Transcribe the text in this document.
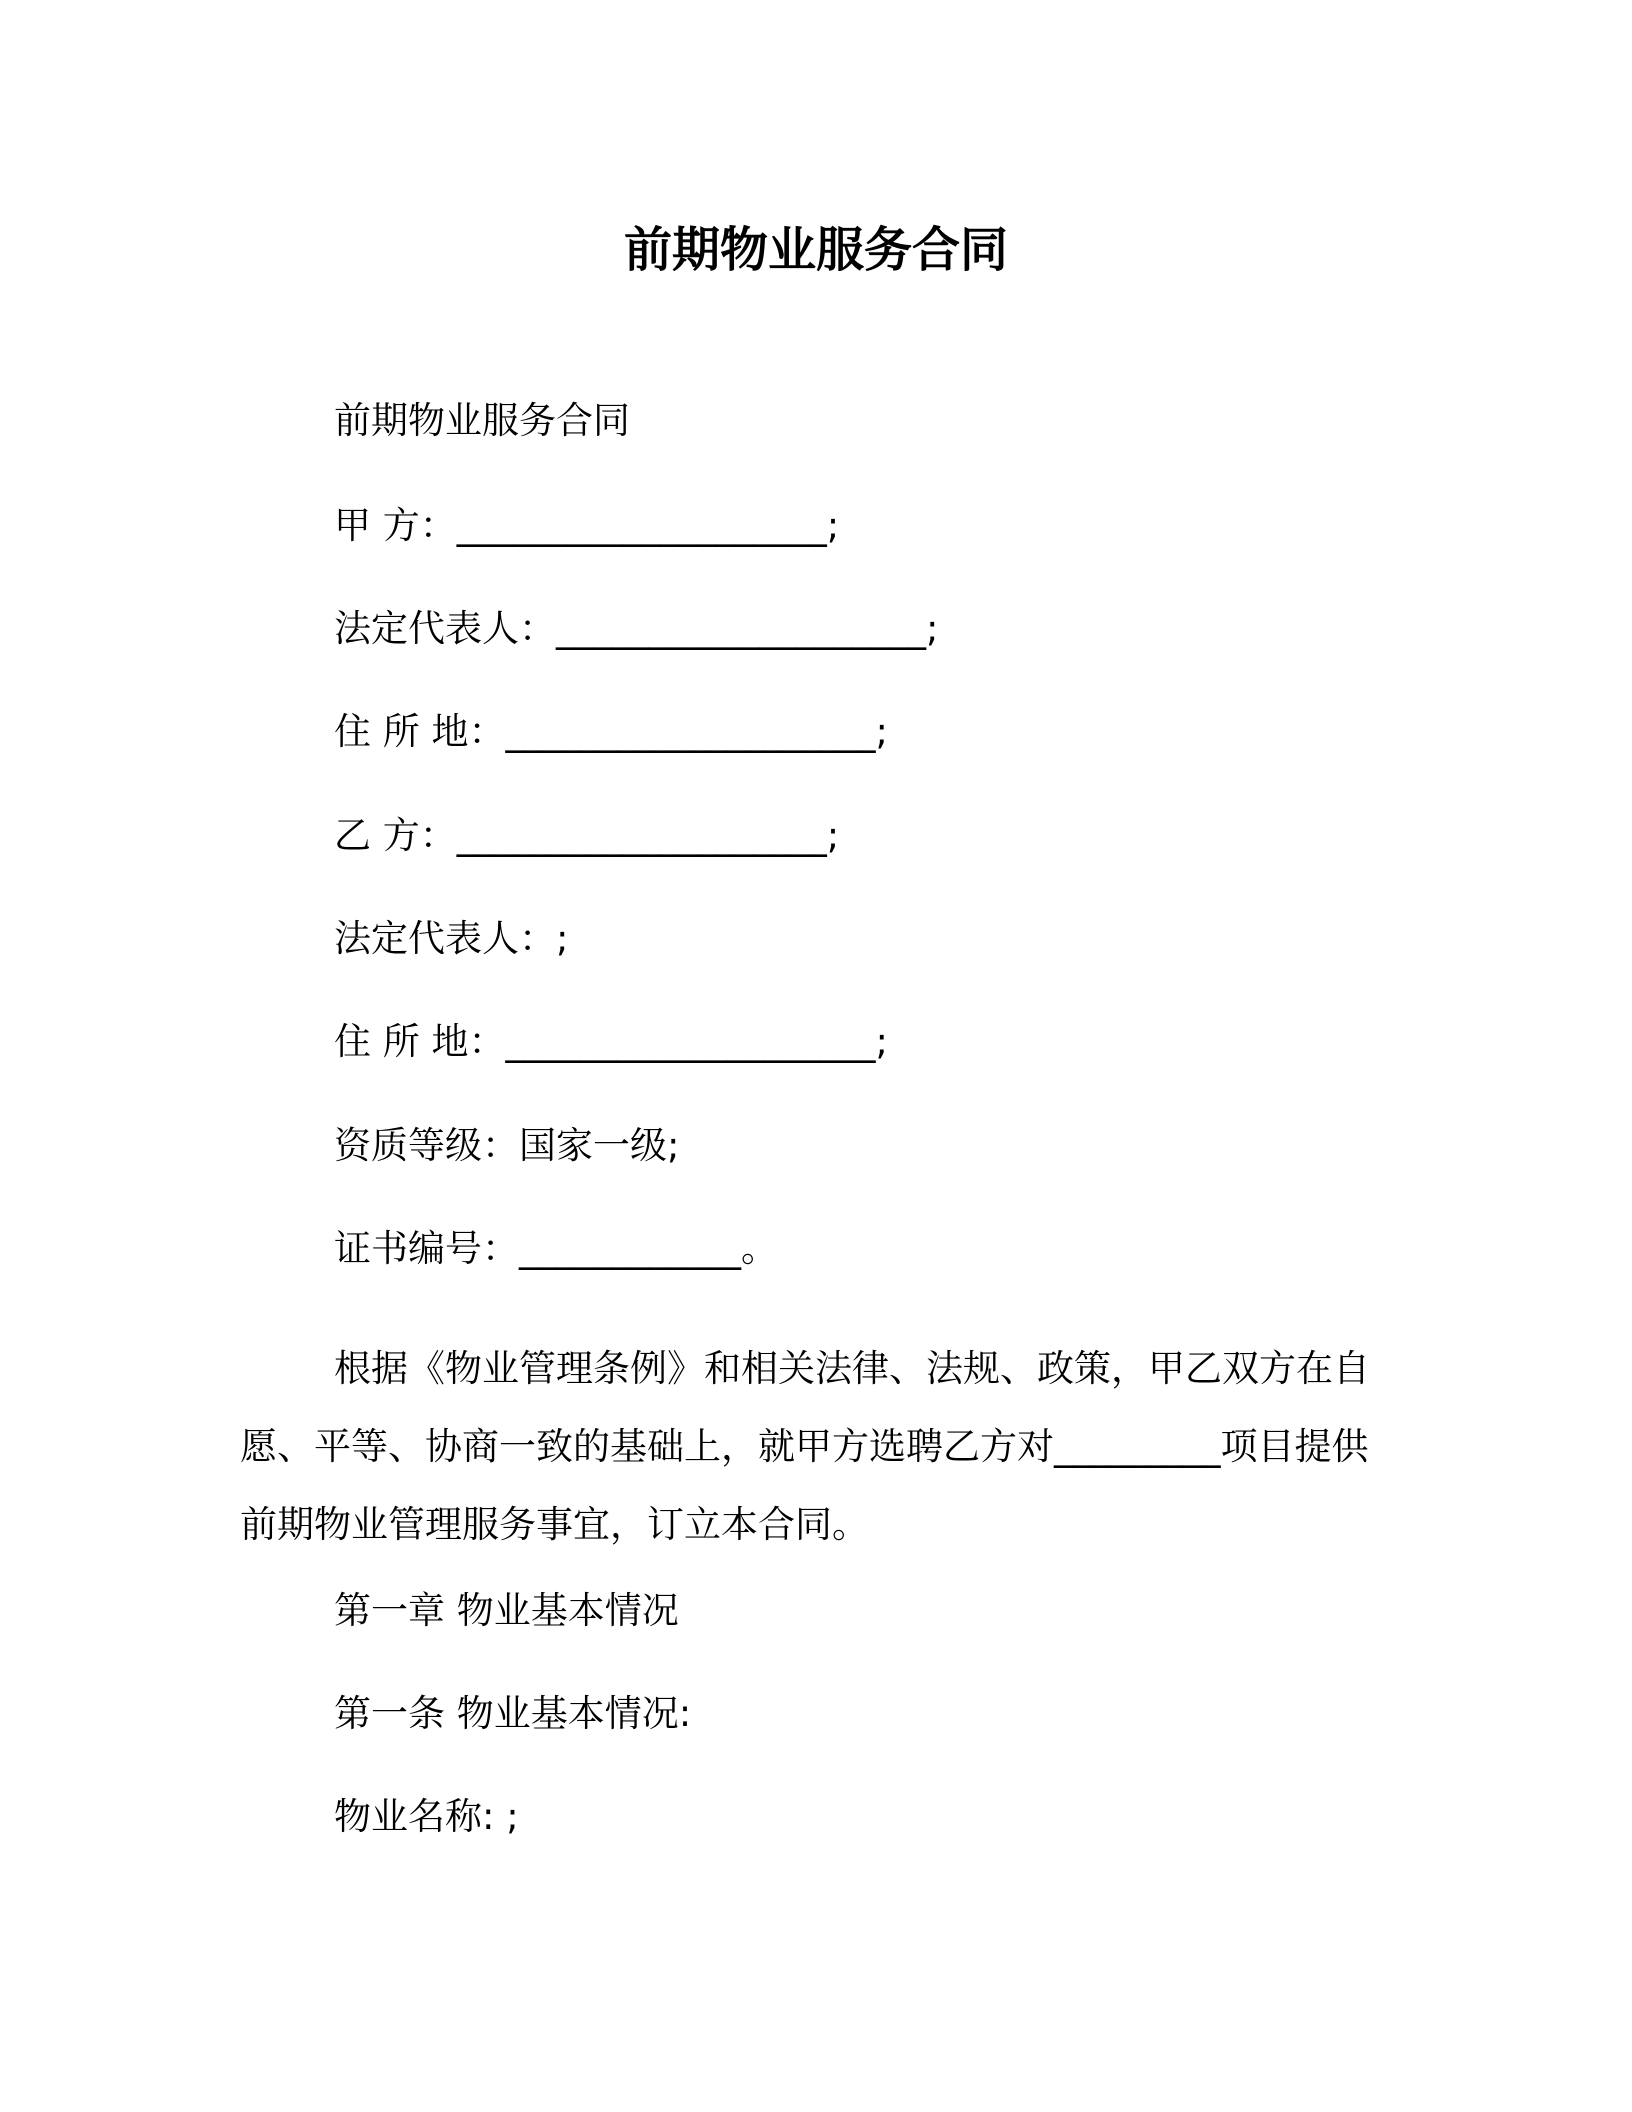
前期物业服务合同
前期物业服务合同
甲 方：____________________;
法定代表人：____________________;
住 所 地：____________________;
乙 方：____________________;
法定代表人：;
住 所 地：____________________;
资质等级：国家一级;
证书编号：____________。

根据《物业管理条例》和相关法律、法规、政策，甲乙双方在自愿、平等、协商一致的基础上，就甲方选聘乙方对_________项目提供前期物业管理服务事宜，订立本合同。

第一章 物业基本情况
第一条 物业基本情况:
物业名称: ;
